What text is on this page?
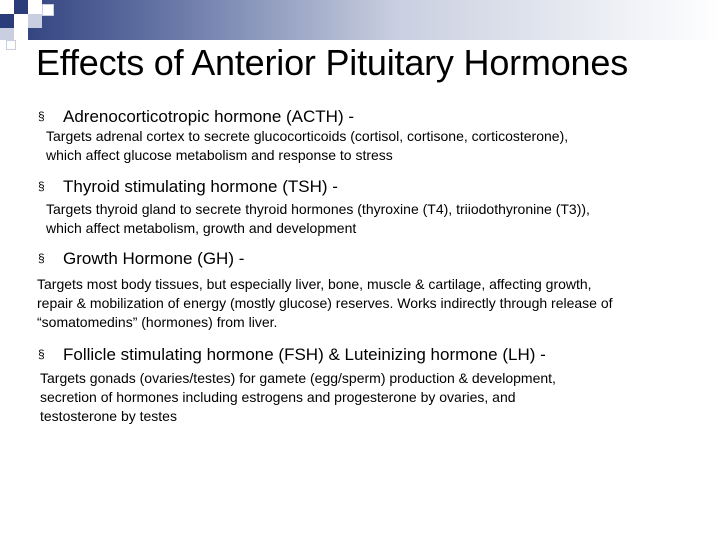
Effects of Anterior Pituitary Hormones
§ Adrenocorticotropic hormone (ACTH) -
Targets adrenal cortex to secrete glucocorticoids (cortisol, cortisone, corticosterone),
which affect glucose metabolism and response to stress
§ Thyroid stimulating hormone (TSH) -
Targets thyroid gland to secrete thyroid hormones (thyroxine (T4), triiodothyronine (T3)),
which affect metabolism, growth and development
§ Growth Hormone (GH) -
Targets most body tissues, but especially liver, bone, muscle & cartilage, affecting growth,
repair & mobilization of energy (mostly glucose) reserves. Works indirectly through release of
“somatomedins” (hormones) from liver.
§ Follicle stimulating hormone (FSH) & Luteinizing hormone (LH) -
Targets gonads (ovaries/testes) for gamete (egg/sperm) production & development,
secretion of hormones including estrogens and progesterone by ovaries, and
testosterone by testes
